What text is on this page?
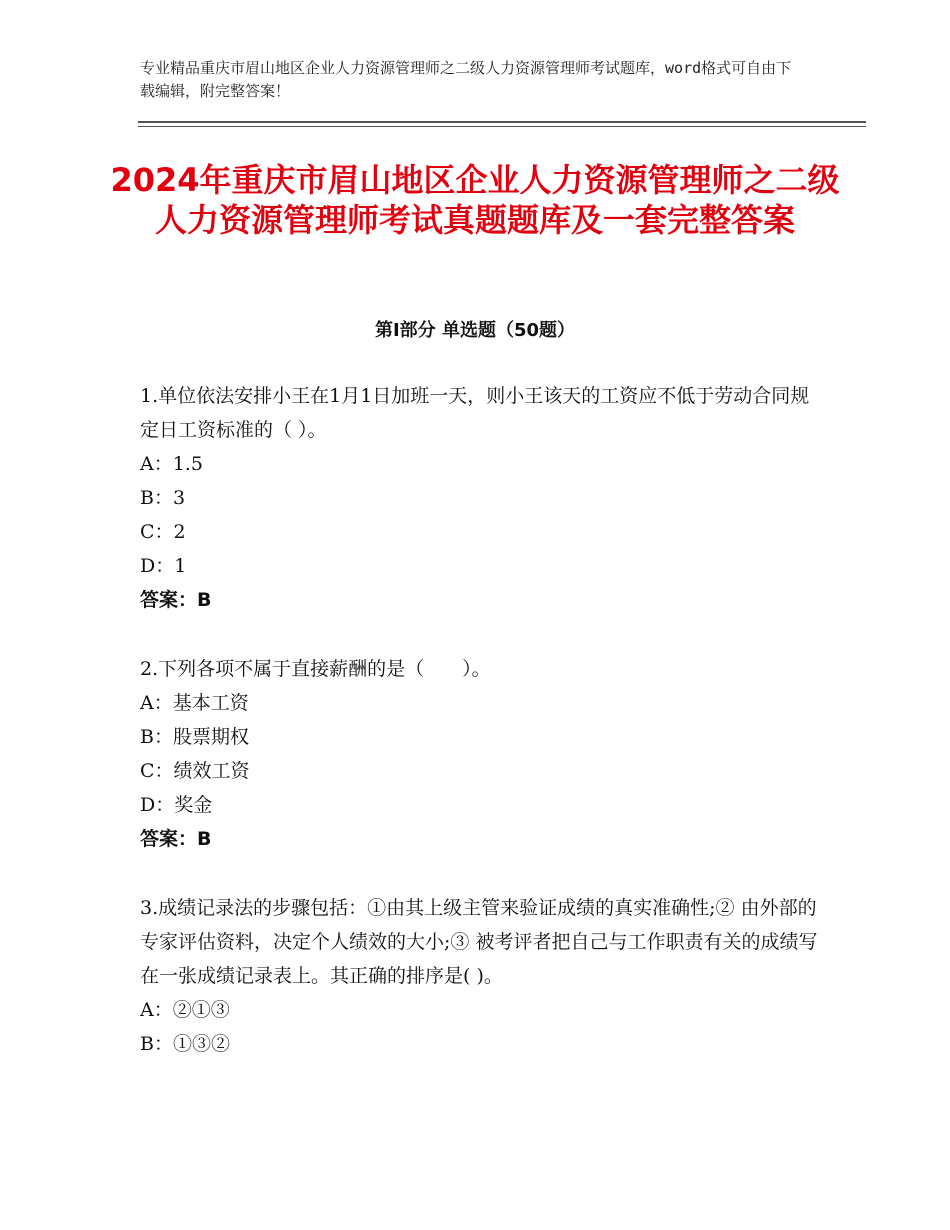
专业精品重庆市眉山地区企业人力资源管理师之二级人力资源管理师考试题库，word格式可自由下载编辑，附完整答案！
2024年重庆市眉山地区企业人力资源管理师之二级人力资源管理师考试真题题库及一套完整答案
第Ⅰ部分 单选题（50题）
1.单位依法安排小王在1月1日加班一天，则小王该天的工资应不低于劳动合同规定日工资标准的（ ）。
A：1.5
B：3
C：2
D：1
答案：B
2.下列各项不属于直接薪酬的是（　　）。
A：基本工资
B：股票期权
C：绩效工资
D：奖金
答案：B
3.成绩记录法的步骤包括：①由其上级主管来验证成绩的真实准确性;② 由外部的专家评估资料，决定个人绩效的大小;③ 被考评者把自己与工作职责有关的成绩写在一张成绩记录表上。其正确的排序是( )。
A：②①③
B：①③②
